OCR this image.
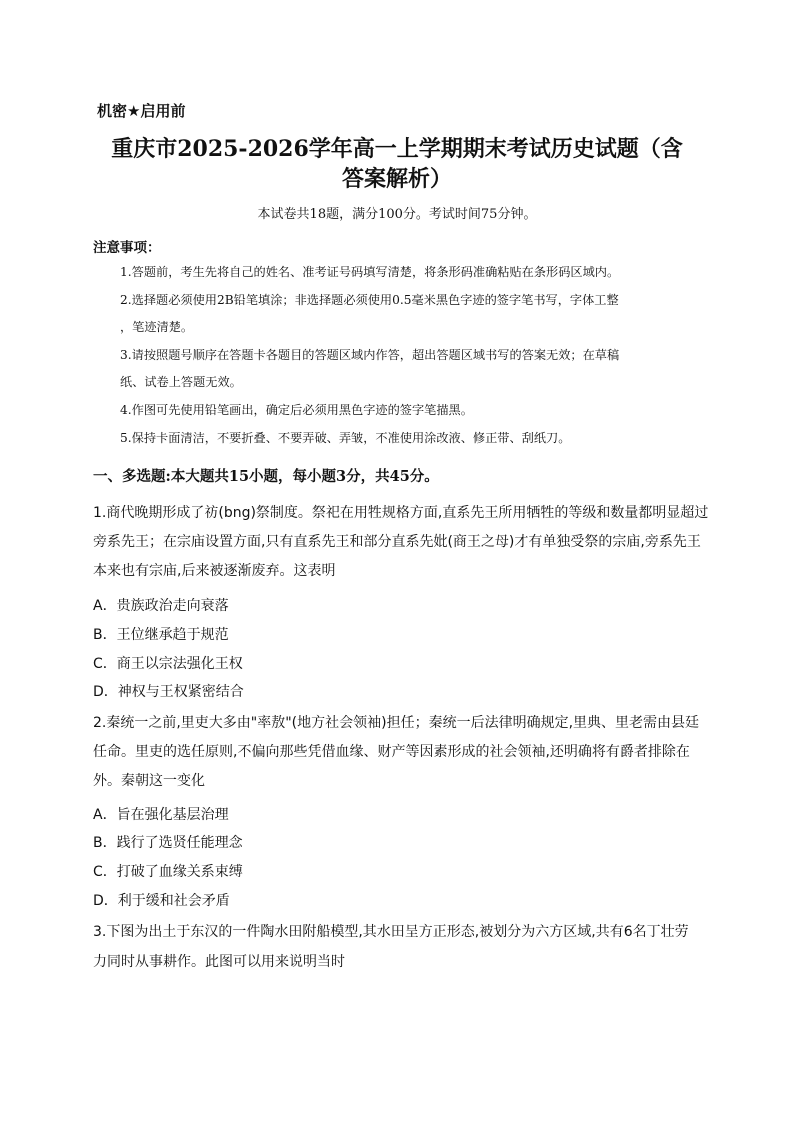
机密★启用前
重庆市2025-2026学年高一上学期期末考试历史试题（含
答案解析）
本试卷共18题，满分100分。考试时间75分钟。
注意事项：
1.答题前，考生先将自己的姓名、准考证号码填写清楚，将条形码准确粘贴在条形码区域内。
2.选择题必须使用2B铅笔填涂；非选择题必须使用0.5毫米黑色字迹的签字笔书写，字体工整
，笔迹清楚。
3.请按照题号顺序在答题卡各题目的答题区域内作答，超出答题区域书写的答案无效；在草稿
纸、试卷上答题无效。
4.作图可先使用铅笔画出，确定后必须用黑色字迹的签字笔描黑。
5.保持卡面清洁，不要折叠、不要弄破、弄皱，不准使用涂改液、修正带、刮纸刀。
一、多选题:本大题共15小题，每小题3分，共45分。
1.商代晚期形成了祊(bng)祭制度。祭祀在用牲规格方面,直系先王所用牺牲的等级和数量都明显超过
旁系先王；在宗庙设置方面,只有直系先王和部分直系先妣(商王之母)才有单独受祭的宗庙,旁系先王
本来也有宗庙,后来被逐渐废弃。这表明
A．贵族政治走向衰落
B．王位继承趋于规范
C．商王以宗法强化王权
D．神权与王权紧密结合
2.秦统一之前,里吏大多由"率敖"(地方社会领袖)担任；秦统一后法律明确规定,里典、里老需由县廷
任命。里吏的选任原则,不偏向那些凭借血缘、财产等因素形成的社会领袖,还明确将有爵者排除在
外。秦朝这一变化
A．旨在强化基层治理
B．践行了选贤任能理念
C．打破了血缘关系束缚
D．利于缓和社会矛盾
3.下图为出土于东汉的一件陶水田附船模型,其水田呈方正形态,被划分为六方区域,共有6名丁壮劳
力同时从事耕作。此图可以用来说明当时
